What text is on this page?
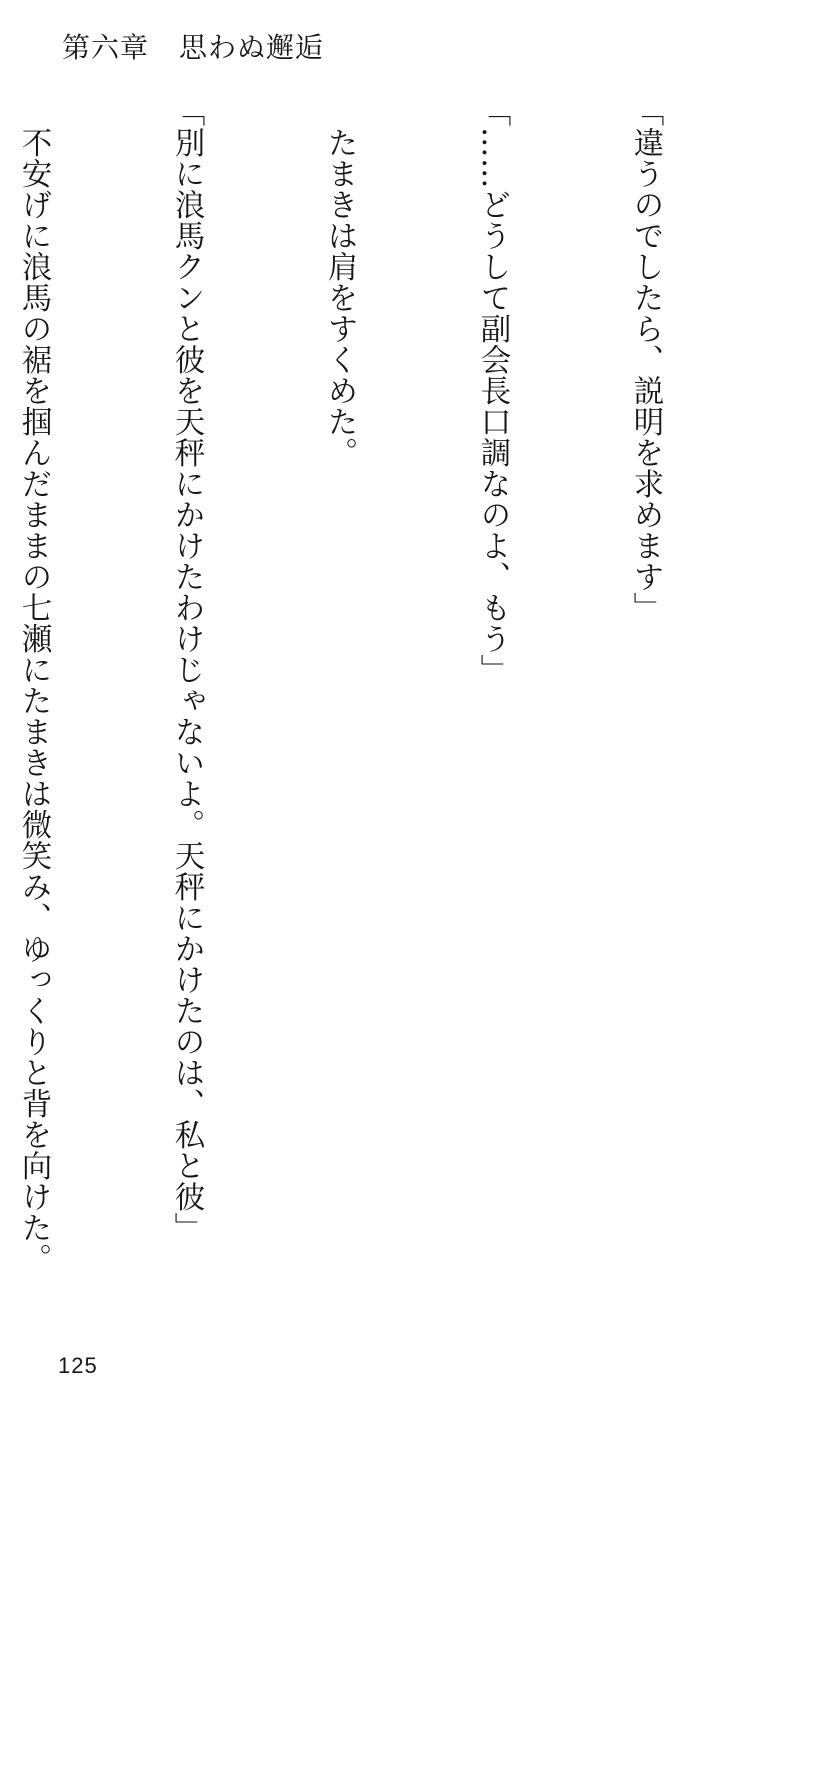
第六章 思わぬ邂逅

「違うのでしたら、説明を求めます」

「……どうして副会長口調なのよ、もう」

　たまきは肩をすくめた。

「別に浪馬クンと彼を天秤にかけたわけじゃないよ。天秤にかけたのは、私と彼」

　不安げに浪馬の裾を掴んだままの七瀬にたまきは微笑み、ゆっくりと背を向けた。

125
